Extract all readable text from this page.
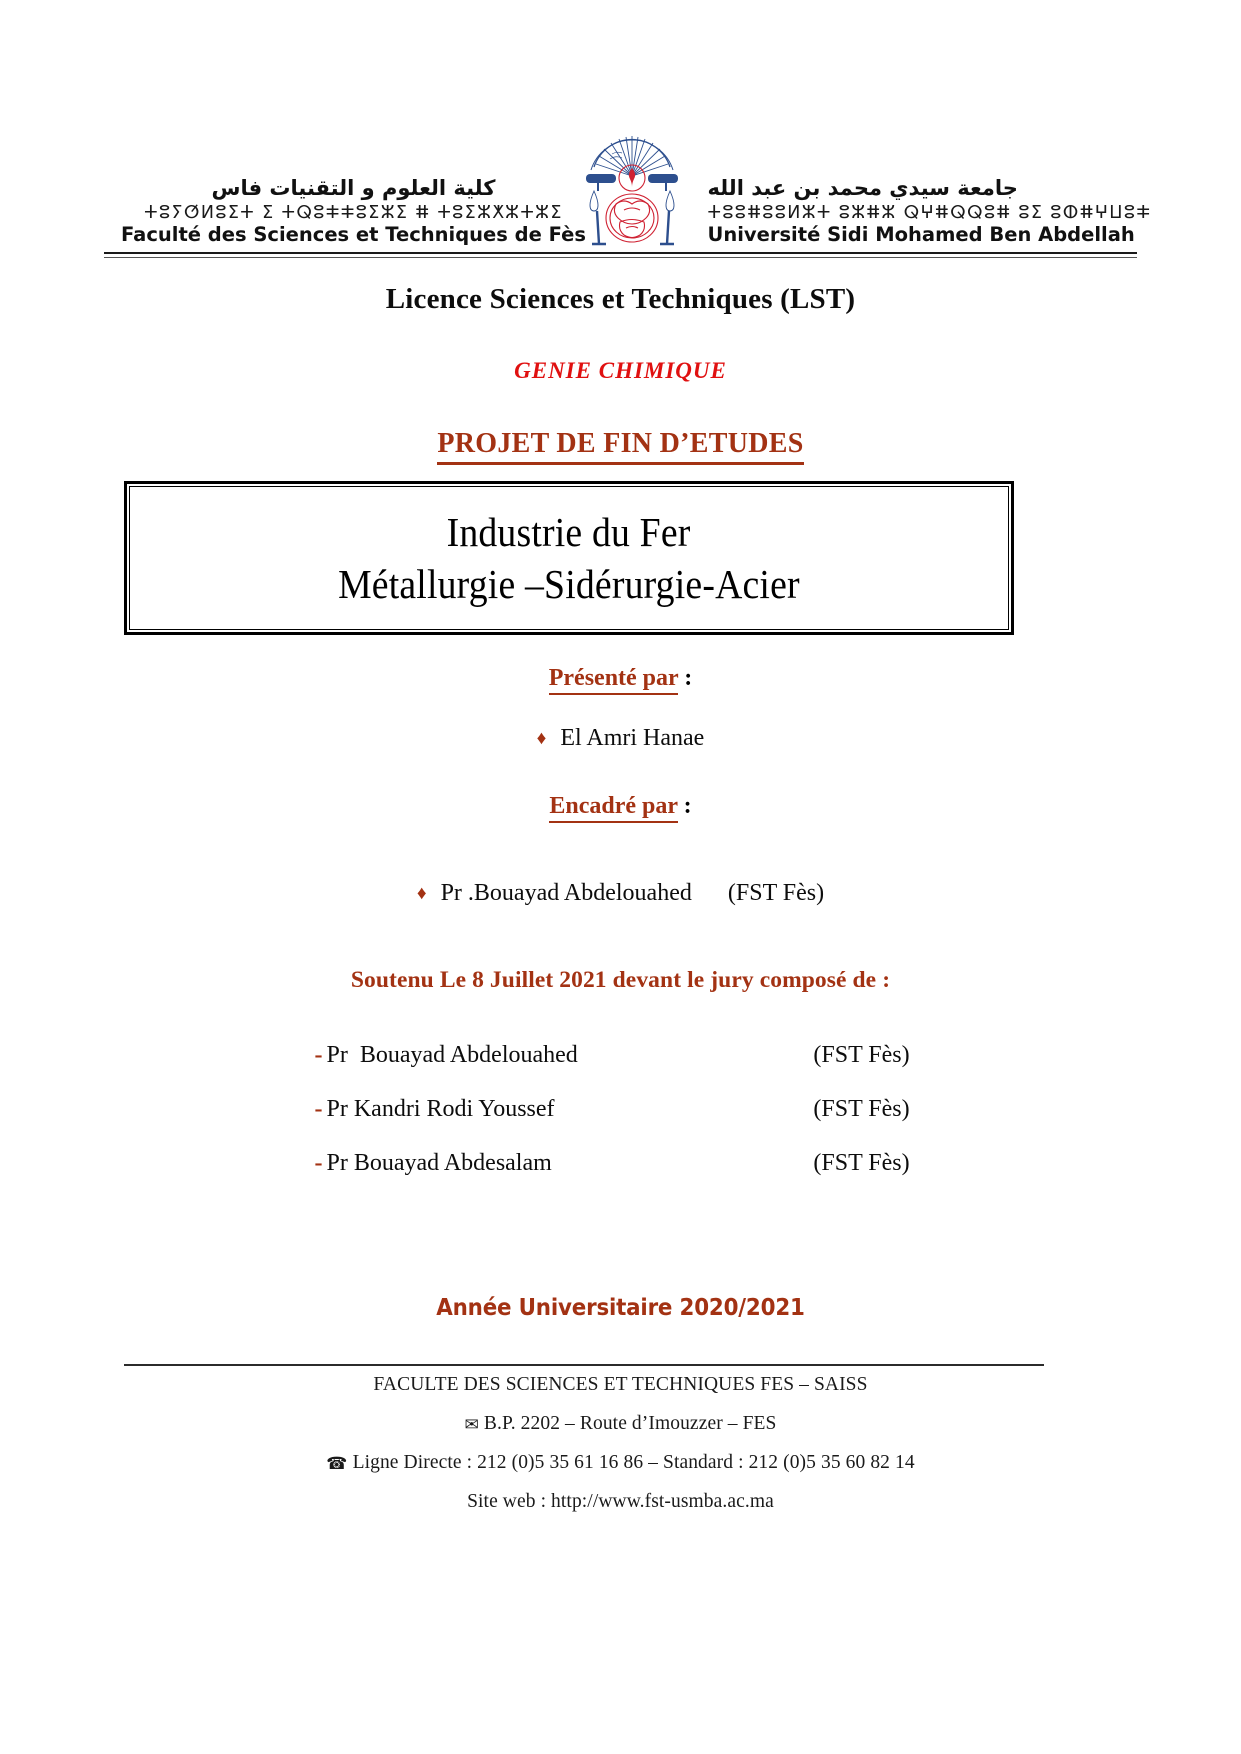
كلية العلوم و التقنيات فاس
ⵜⵓⵢⵚⵍⵓⵉⵜ ⵉ ⵜⵕⵓⵐⵐⵓⵉⵣⵉ ⵌ ⵜⵓⵉⵣⵅⵣⵜⵣⵉ
Faculté des Sciences et Techniques de Fès
جامعة سيدي محمد بن عبد الله
ⵜⵓⵓⵌⵓⵓⵍⵣⵜ ⵓⵣⵌⵣ ⵕⵖⵌⵕⵕⵓⵌ ⵓⵉ ⵓⵀⵌⵖⵡⵓⵐ
Université Sidi Mohamed Ben Abdellah
Licence Sciences et Techniques (LST)
GENIE CHIMIQUE
PROJET DE FIN D’ETUDES
Industrie du Fer
Métallurgie –Sidérurgie-Acier
Présenté par :
♦ El Amri Hanae
Encadré par :
♦ Pr .Bouayad Abdelouahed (FST Fès)
Soutenu Le 8 Juillet 2021 devant le jury composé de :
- Pr  Bouayad Abdelouahed	(FST Fès)
- Pr Kandri Rodi Youssef	(FST Fès)
- Pr Bouayad Abdesalam	(FST Fès)
Année Universitaire 2020/2021
FACULTE DES SCIENCES ET TECHNIQUES FES – SAISS
✉ B.P. 2202 – Route d’Imouzzer – FES
☎ Ligne Directe : 212 (0)5 35 61 16 86 – Standard : 212 (0)5 35 60 82 14
Site web : http://www.fst-usmba.ac.ma
